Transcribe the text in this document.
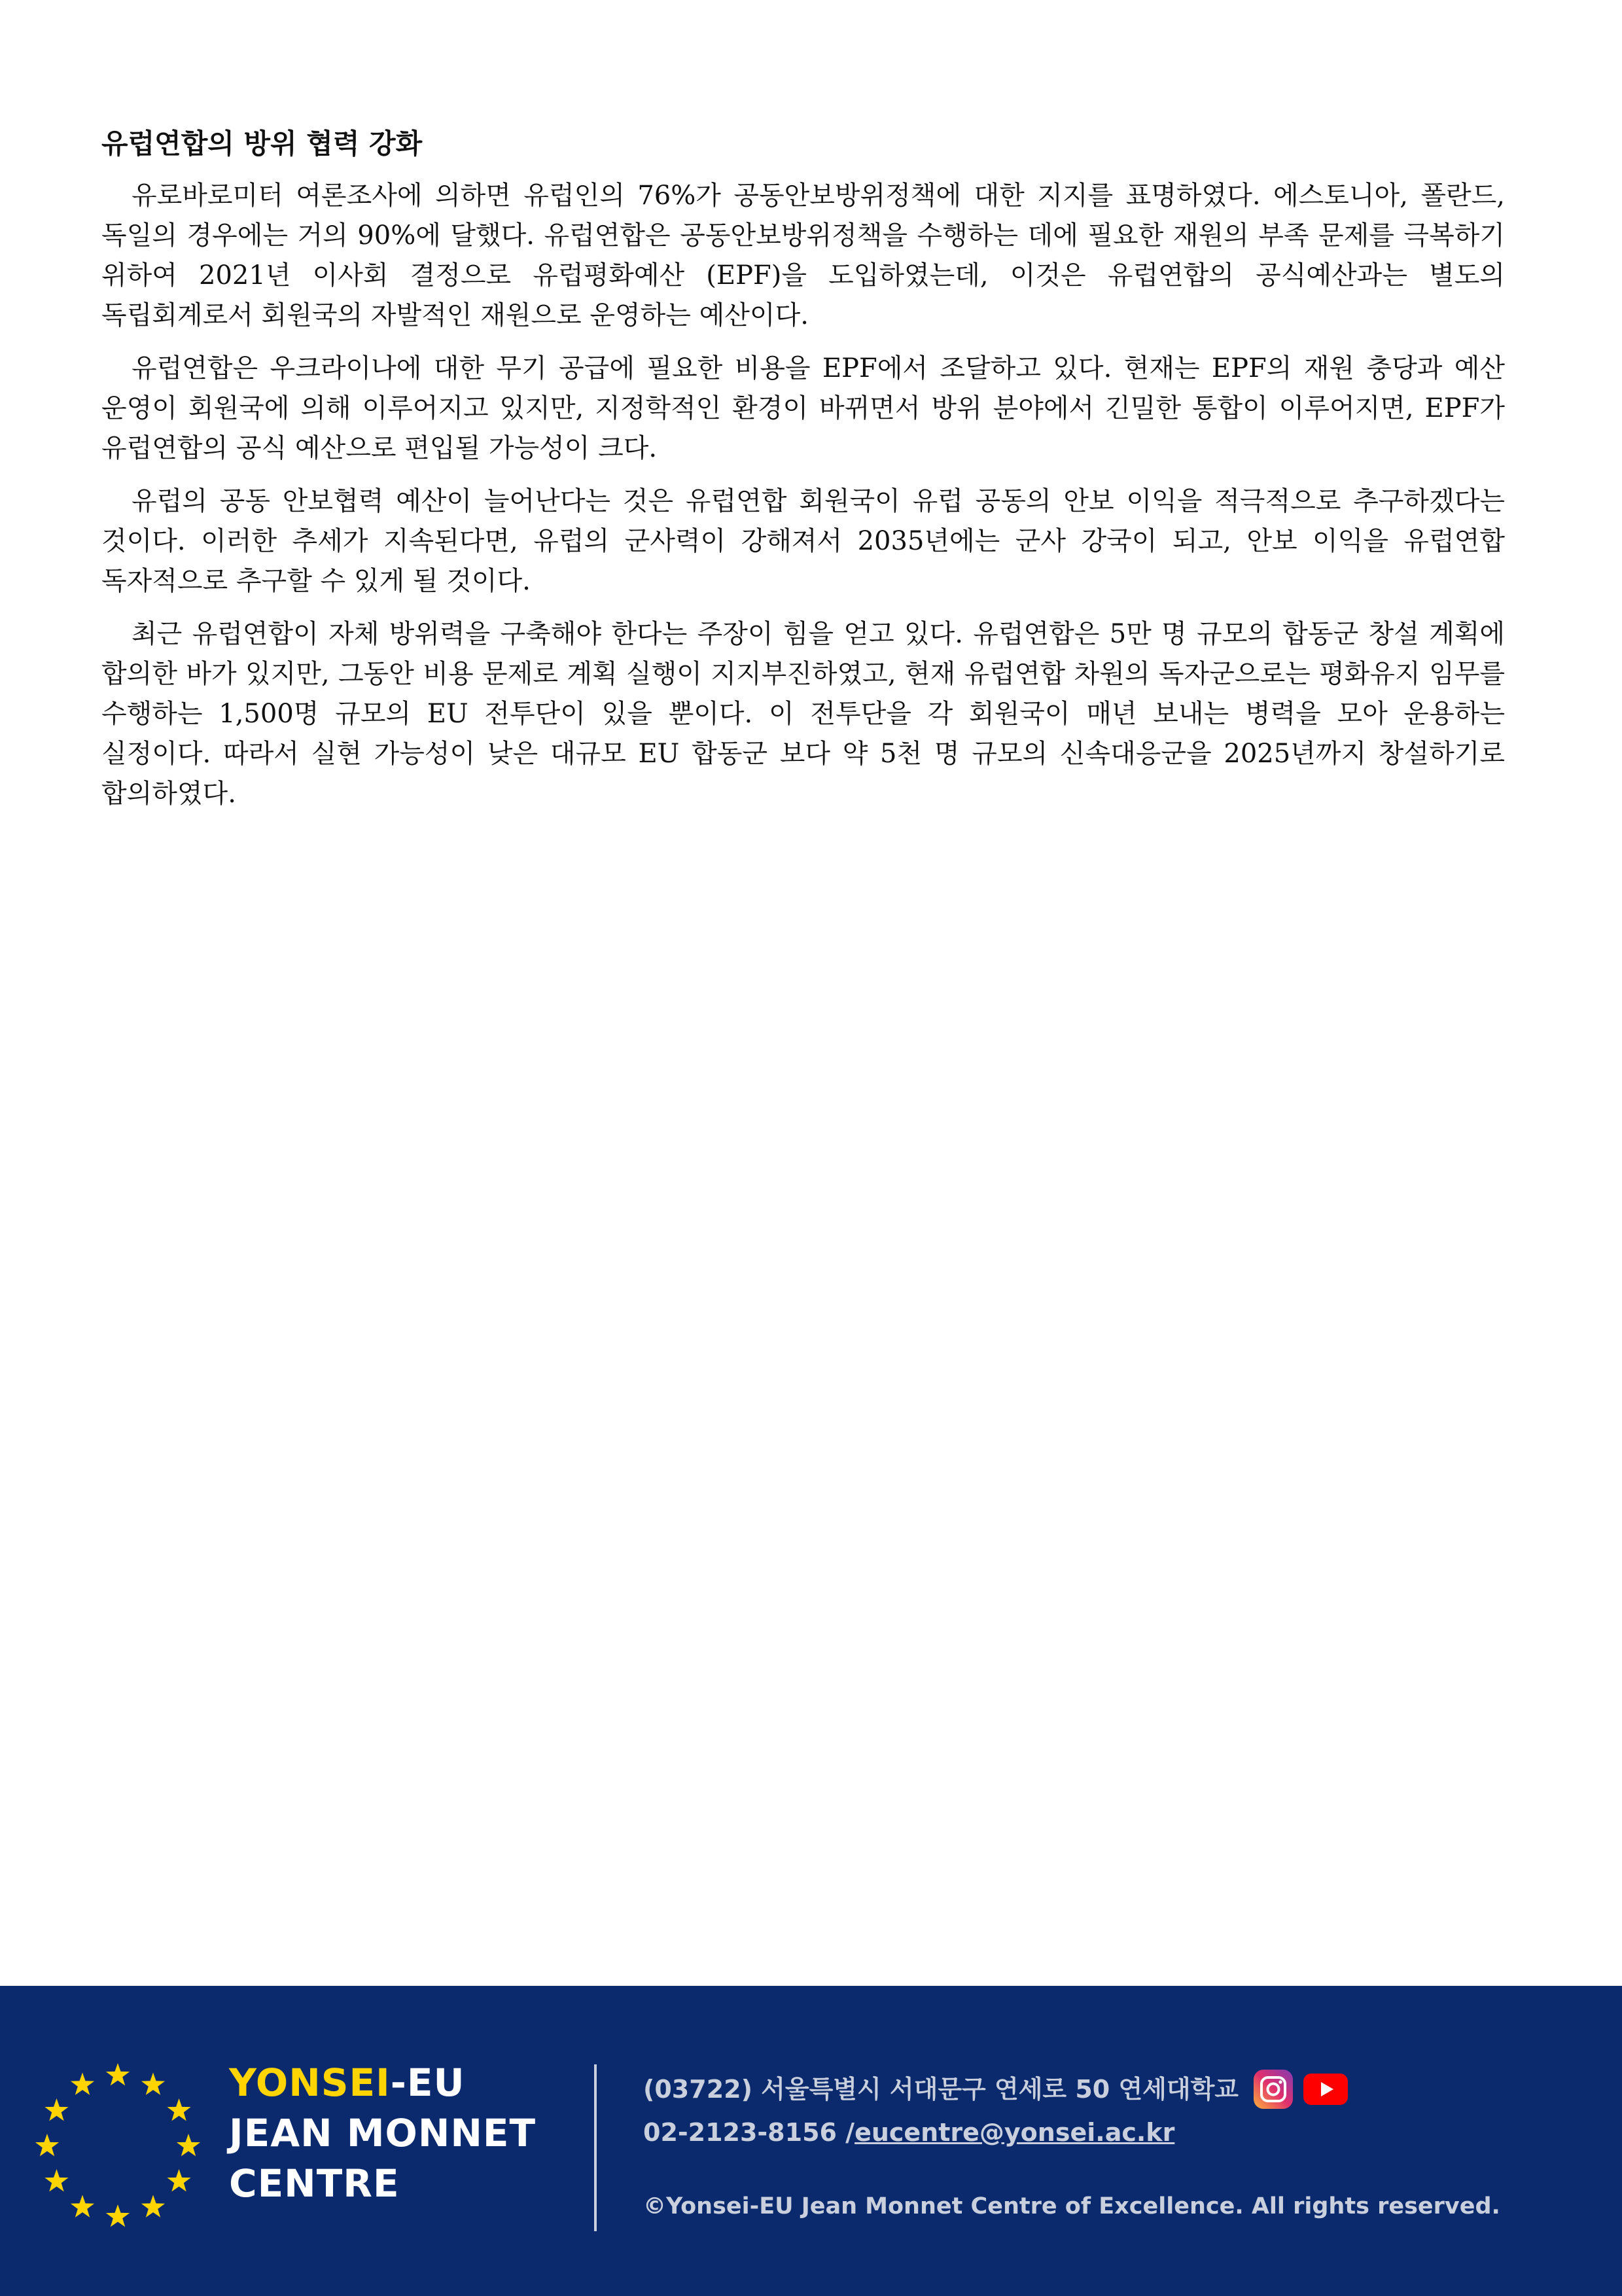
유럽연합의 방위 협력 강화

유로바로미터 여론조사에 의하면 유럽인의 76%가 공동안보방위정책에 대한 지지를 표명하였다. 에스토니아, 폴란드, 독일의 경우에는 거의 90%에 달했다. 유럽연합은 공동안보방위정책을 수행하는 데에 필요한 재원의 부족 문제를 극복하기 위하여 2021년 이사회 결정으로 유럽평화예산 (EPF)을 도입하였는데, 이것은 유럽연합의 공식예산과는 별도의 독립회계로서 회원국의 자발적인 재원으로 운영하는 예산이다.

유럽연합은 우크라이나에 대한 무기 공급에 필요한 비용을 EPF에서 조달하고 있다. 현재는 EPF의 재원 충당과 예산 운영이 회원국에 의해 이루어지고 있지만, 지정학적인 환경이 바뀌면서 방위 분야에서 긴밀한 통합이 이루어지면, EPF가 유럽연합의 공식 예산으로 편입될 가능성이 크다.

유럽의 공동 안보협력 예산이 늘어난다는 것은 유럽연합 회원국이 유럽 공동의 안보 이익을 적극적으로 추구하겠다는 것이다. 이러한 추세가 지속된다면, 유럽의 군사력이 강해져서 2035년에는 군사 강국이 되고, 안보 이익을 유럽연합 독자적으로 추구할 수 있게 될 것이다.

최근 유럽연합이 자체 방위력을 구축해야 한다는 주장이 힘을 얻고 있다. 유럽연합은 5만 명 규모의 합동군 창설 계획에 합의한 바가 있지만, 그동안 비용 문제로 계획 실행이 지지부진하였고, 현재 유럽연합 차원의 독자군으로는 평화유지 임무를 수행하는 1,500명 규모의 EU 전투단이 있을 뿐이다. 이 전투단을 각 회원국이 매년 보내는 병력을 모아 운용하는 실정이다. 따라서 실현 가능성이 낮은 대규모 EU 합동군 보다 약 5천 명 규모의 신속대응군을 2025년까지 창설하기로 합의하였다.

YONSEI-EU
JEAN MONNET
CENTRE
(03722) 서울특별시 서대문구 연세로 50 연세대학교
02-2123-8156 / eucentre@yonsei.ac.kr
©Yonsei-EU Jean Monnet Centre of Excellence. All rights reserved.
